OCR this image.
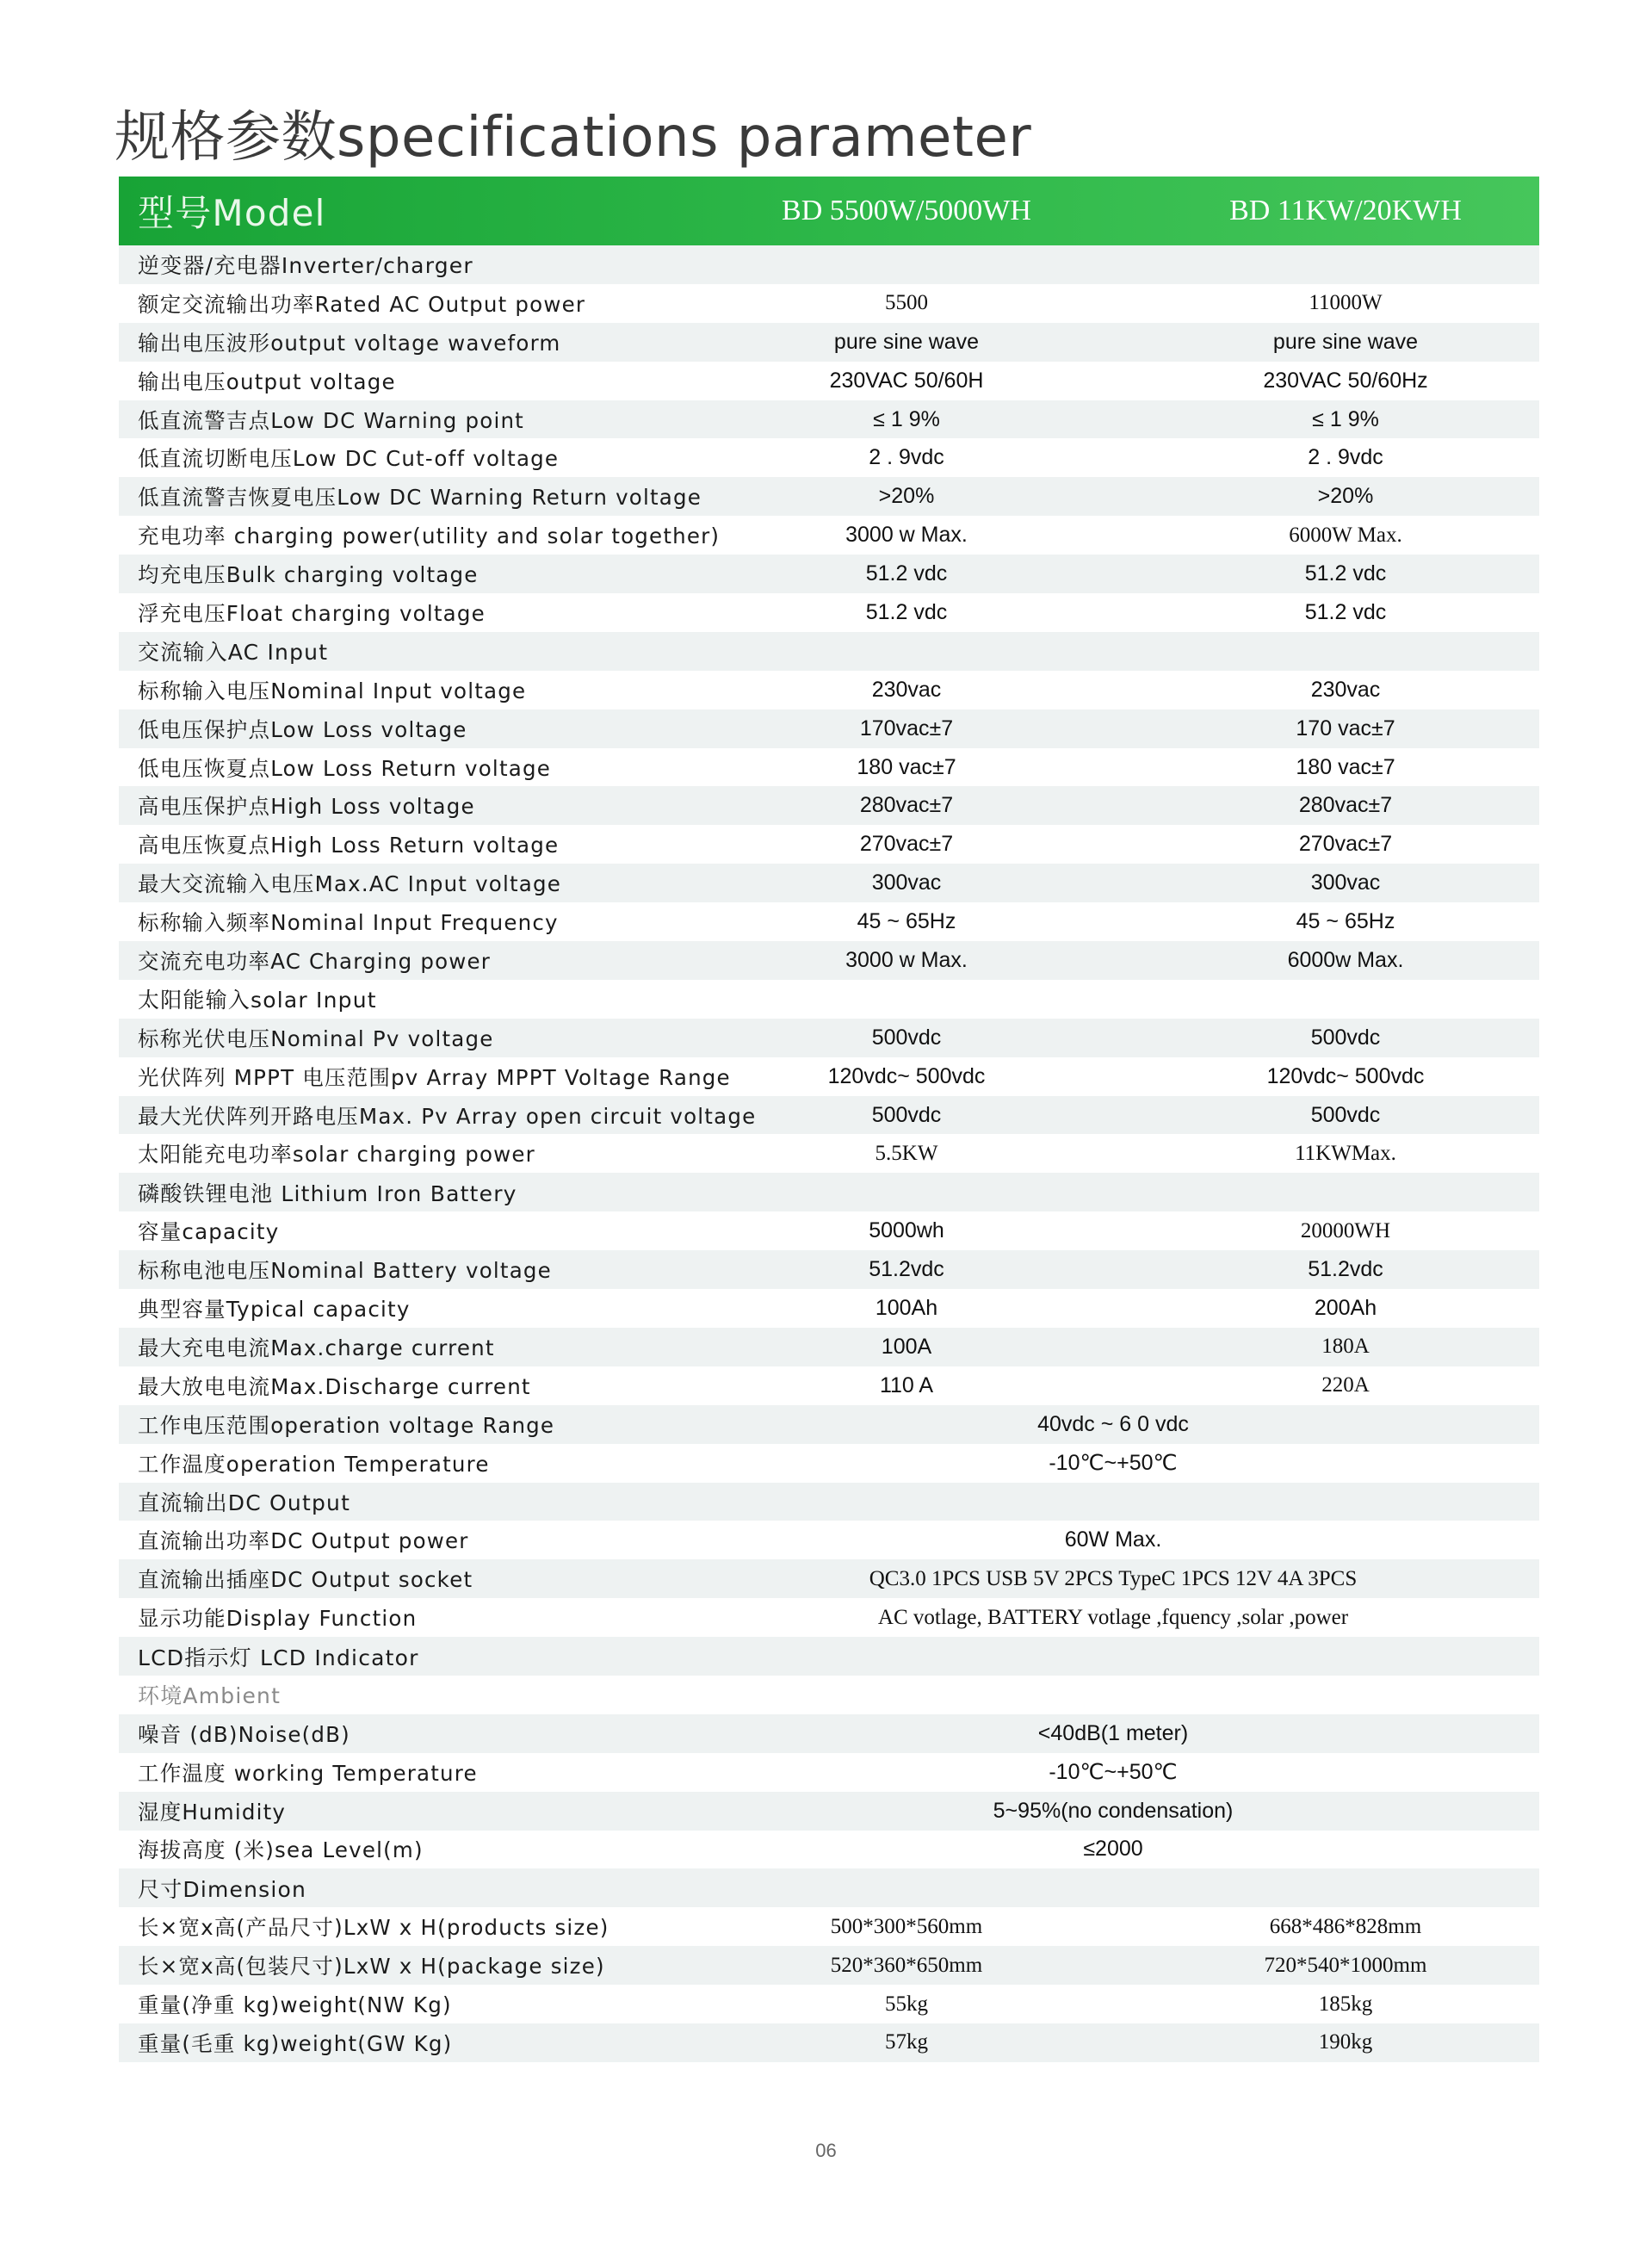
规格参数specifications parameter
型号Model	BD 5500W/5000WH	BD 11KW/20KWH
逆变器/充电器Inverter/charger
额定交流输出功率Rated AC Output power	5500	11000W
输出电压波形output voltage waveform	pure sine wave	pure sine wave
输出电压output voltage	230VAC 50/60H	230VAC 50/60Hz
低直流警吉点Low DC Warning point	≤ 1 9%	≤ 1 9%
低直流切断电压Low DC Cut-off voltage	2 . 9vdc	2 . 9vdc
低直流警吉恢夏电压Low DC Warning Return voltage	>20%	>20%
充电功率 charging power(utility and solar together)	3000 w Max.	6000W Max.
均充电压Bulk charging voltage	51.2 vdc	51.2 vdc
浮充电压Float charging voltage	51.2 vdc	51.2 vdc
交流输入AC Input
标称输入电压Nominal Input voltage	230vac	230vac
低电压保护点Low Loss voltage	170vac±7	170 vac±7
低电压恢夏点Low Loss Return voltage	180 vac±7	180 vac±7
高电压保护点High Loss voltage	280vac±7	280vac±7
高电压恢夏点High Loss Return voltage	270vac±7	270vac±7
最大交流输入电压Max.AC Input voltage	300vac	300vac
标称输入频率Nominal Input Frequency	45 ~ 65Hz	45 ~ 65Hz
交流充电功率AC Charging power	3000 w Max.	6000w Max.
太阳能输入solar Input
标称光伏电压Nominal Pv voltage	500vdc	500vdc
光伏阵列 MPPT 电压范围pv Array MPPT Voltage Range	120vdc~ 500vdc	120vdc~ 500vdc
最大光伏阵列开路电压Max. Pv Array open circuit voltage	500vdc	500vdc
太阳能充电功率solar charging power	5.5KW	11KWMax.
磷酸铁锂电池 Lithium Iron Battery
容量capacity	5000wh	20000WH
标称电池电压Nominal Battery voltage	51.2vdc	51.2vdc
典型容量Typical capacity	100Ah	200Ah
最大充电电流Max.charge current	100A	180A
最大放电电流Max.Discharge current	110 A	220A
工作电压范围operation voltage Range	40vdc ~ 6 0 vdc
工作温度operation Temperature	-10℃~+50℃
直流输出DC Output
直流输出功率DC Output power	60W Max.
直流输出插座DC Output socket	QC3.0 1PCS USB 5V 2PCS TypeC 1PCS 12V 4A 3PCS
显示功能Display Function	AC votlage, BATTERY votlage ,fquency ,solar ,power
LCD指示灯 LCD Indicator
环境Ambient
噪音 (dB)Noise(dB)	<40dB(1 meter)
工作温度 working Temperature	-10℃~+50℃
湿度Humidity	5~95%(no condensation)
海拔高度 (米)sea Level(m)	≤2000
尺寸Dimension
长×宽x高(产品尺寸)LxW x H(products size)	500*300*560mm	668*486*828mm
长×宽x高(包装尺寸)LxW x H(package size)	520*360*650mm	720*540*1000mm
重量(净重 kg)weight(NW Kg)	55kg	185kg
重量(毛重 kg)weight(GW Kg)	57kg	190kg
06
